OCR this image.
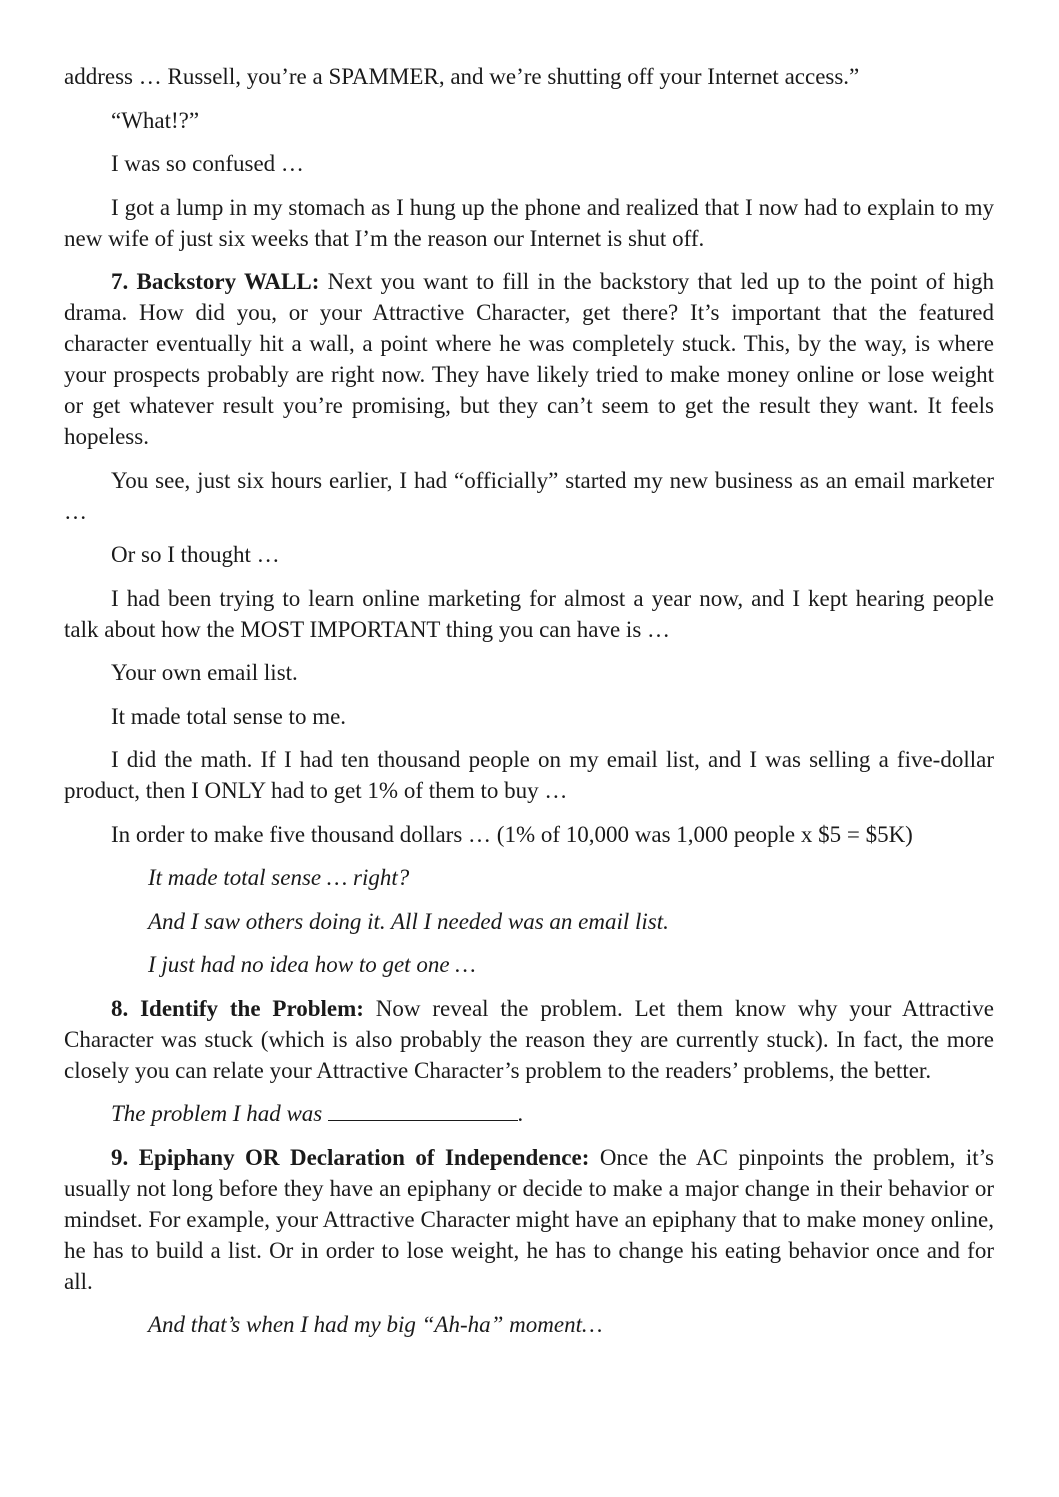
address … Russell, you’re a SPAMMER, and we’re shutting off your Internet access.”

“What!?”

I was so confused …

I got a lump in my stomach as I hung up the phone and realized that I now had to explain to my new wife of just six weeks that I’m the reason our Internet is shut off.

7. Backstory WALL: Next you want to fill in the backstory that led up to the point of high drama. How did you, or your Attractive Character, get there? It’s important that the featured character eventually hit a wall, a point where he was completely stuck. This, by the way, is where your prospects probably are right now. They have likely tried to make money online or lose weight or get whatever result you’re promising, but they can’t seem to get the result they want. It feels hopeless.

You see, just six hours earlier, I had “officially” started my new business as an email marketer …

Or so I thought …

I had been trying to learn online marketing for almost a year now, and I kept hearing people talk about how the MOST IMPORTANT thing you can have is …

Your own email list.

It made total sense to me.

I did the math. If I had ten thousand people on my email list, and I was selling a five-dollar product, then I ONLY had to get 1% of them to buy …

In order to make five thousand dollars … (1% of 10,000 was 1,000 people x $5 = $5K)

It made total sense … right?

And I saw others doing it. All I needed was an email list.

I just had no idea how to get one …

8. Identify the Problem: Now reveal the problem. Let them know why your Attractive Character was stuck (which is also probably the reason they are currently stuck). In fact, the more closely you can relate your Attractive Character’s problem to the readers’ problems, the better.

The problem I had was	.

9. Epiphany OR Declaration of Independence: Once the AC pinpoints the problem, it’s usually not long before they have an epiphany or decide to make a major change in their behavior or mindset. For example, your Attractive Character might have an epiphany that to make money online, he has to build a list. Or in order to lose weight, he has to change his eating behavior once and for all.

And that’s when I had my big “Ah-ha” moment…
